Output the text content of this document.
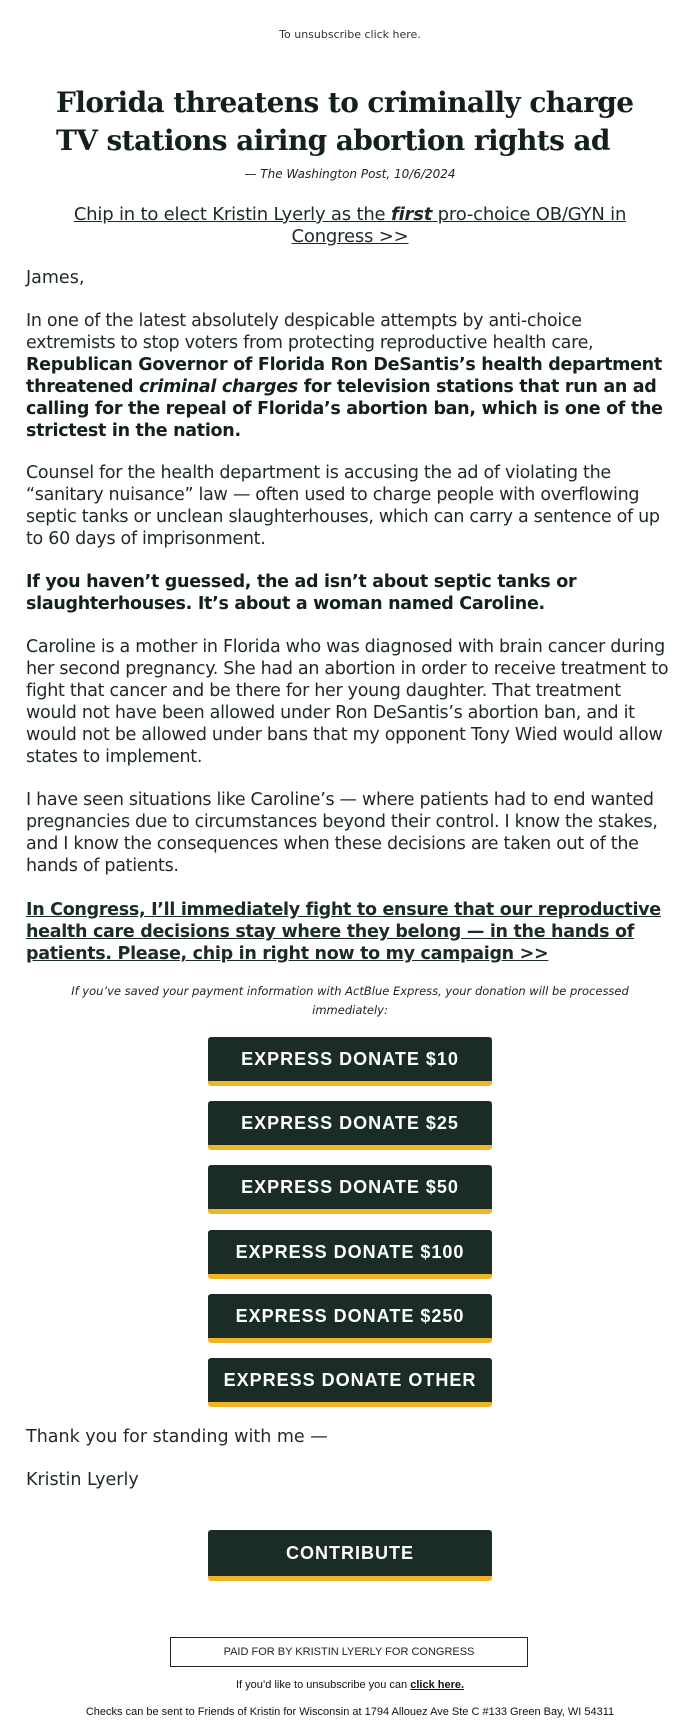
To unsubscribe click here.
Florida threatens to criminally charge TV stations airing abortion rights ad
— The Washington Post, 10/6/2024
Chip in to elect Kristin Lyerly as the first pro-choice OB/GYN in Congress >>
James,
In one of the latest absolutely despicable attempts by anti-choice extremists to stop voters from protecting reproductive health care, Republican Governor of Florida Ron DeSantis’s health department threatened criminal charges for television stations that run an ad calling for the repeal of Florida’s abortion ban, which is one of the strictest in the nation.
Counsel for the health department is accusing the ad of violating the “sanitary nuisance” law — often used to charge people with overflowing septic tanks or unclean slaughterhouses, which can carry a sentence of up to 60 days of imprisonment.
If you haven’t guessed, the ad isn’t about septic tanks or slaughterhouses. It’s about a woman named Caroline.
Caroline is a mother in Florida who was diagnosed with brain cancer during her second pregnancy. She had an abortion in order to receive treatment to fight that cancer and be there for her young daughter. That treatment would not have been allowed under Ron DeSantis’s abortion ban, and it would not be allowed under bans that my opponent Tony Wied would allow states to implement.
I have seen situations like Caroline’s — where patients had to end wanted pregnancies due to circumstances beyond their control. I know the stakes, and I know the consequences when these decisions are taken out of the hands of patients.
In Congress, I’ll immediately fight to ensure that our reproductive health care decisions stay where they belong — in the hands of patients. Please, chip in right now to my campaign >>
If you’ve saved your payment information with ActBlue Express, your donation will be processed immediately:
EXPRESS DONATE $10
EXPRESS DONATE $25
EXPRESS DONATE $50
EXPRESS DONATE $100
EXPRESS DONATE $250
EXPRESS DONATE OTHER
Thank you for standing with me —
Kristin Lyerly
CONTRIBUTE
PAID FOR BY KRISTIN LYERLY FOR CONGRESS
If you’d like to unsubscribe you can click here.
Checks can be sent to Friends of Kristin for Wisconsin at 1794 Allouez Ave Ste C #133 Green Bay, WI 54311
